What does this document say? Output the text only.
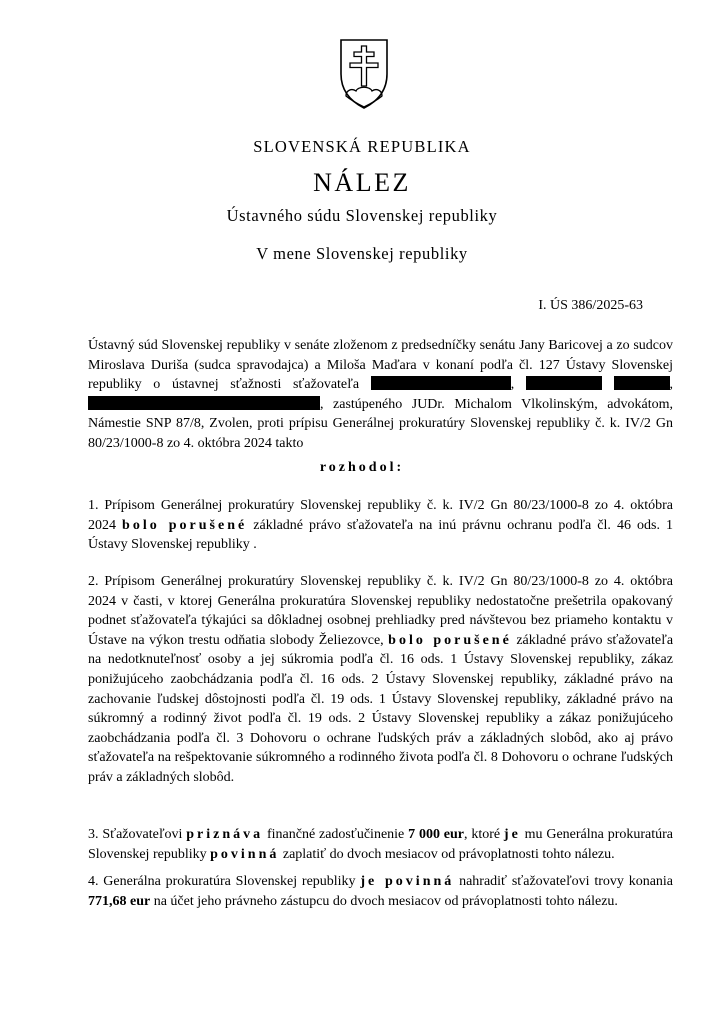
SLOVENSKÁ REPUBLIKA
NÁLEZ
Ústavného súdu Slovenskej republiky
V mene Slovenskej republiky
I. ÚS 386/2025-63
Ústavný súd Slovenskej republiky v senáte zloženom z predsedníčky senátu Jany Baricovej a zo sudcov Miroslava Duriša (sudca spravodajca) a Miloša Maďara v konaní podľa čl. 127 Ústavy Slovenskej republiky o ústavnej sťažnosti sťažovateľa	,	, , zastúpeného JUDr. Michalom Vlkolinským, advokátom, Námestie SNP 87/8, Zvolen, proti prípisu Generálnej prokuratúry Slovenskej republiky č. k. IV/2 Gn 80/23/1000-8 zo 4. októbra 2024 takto
rozhodol:
1. Prípisom Generálnej prokuratúry Slovenskej republiky č. k. IV/2 Gn 80/23/1000-8 zo 4. októbra 2024 bolo porušené základné právo sťažovateľa na inú právnu ochranu podľa čl. 46 ods. 1 Ústavy Slovenskej republiky .
2. Prípisom Generálnej prokuratúry Slovenskej republiky č. k. IV/2 Gn 80/23/1000-8 zo 4. októbra 2024 v časti, v ktorej Generálna prokuratúra Slovenskej republiky nedostatočne prešetrila opakovaný podnet sťažovateľa týkajúci sa dôkladnej osobnej prehliadky pred návštevou bez priameho kontaktu v Ústave na výkon trestu odňatia slobody Želiezovce, bolo porušené základné právo sťažovateľa na nedotknuteľnosť osoby a jej súkromia podľa čl. 16 ods. 1 Ústavy Slovenskej republiky, zákaz ponižujúceho zaobchádzania podľa čl. 16 ods. 2 Ústavy Slovenskej republiky, základné právo na zachovanie ľudskej dôstojnosti podľa čl. 19 ods. 1 Ústavy Slovenskej republiky, základné právo na súkromný a rodinný život podľa čl. 19 ods. 2 Ústavy Slovenskej republiky a zákaz ponižujúceho zaobchádzania podľa čl. 3 Dohovoru o ochrane ľudských práv a základných slobôd, ako aj právo sťažovateľa na rešpektovanie súkromného a rodinného života podľa čl. 8 Dohovoru o ochrane ľudských práv a základných slobôd.
3. Sťažovateľovi priznáva finančné zadosťučinenie 7 000 eur, ktoré je mu Generálna prokuratúra Slovenskej republiky povinná zaplatiť do dvoch mesiacov od právoplatnosti tohto nálezu.
4. Generálna prokuratúra Slovenskej republiky je povinná nahradiť sťažovateľovi trovy konania 771,68 eur na účet jeho právneho zástupcu do dvoch mesiacov od právoplatnosti tohto nálezu.
